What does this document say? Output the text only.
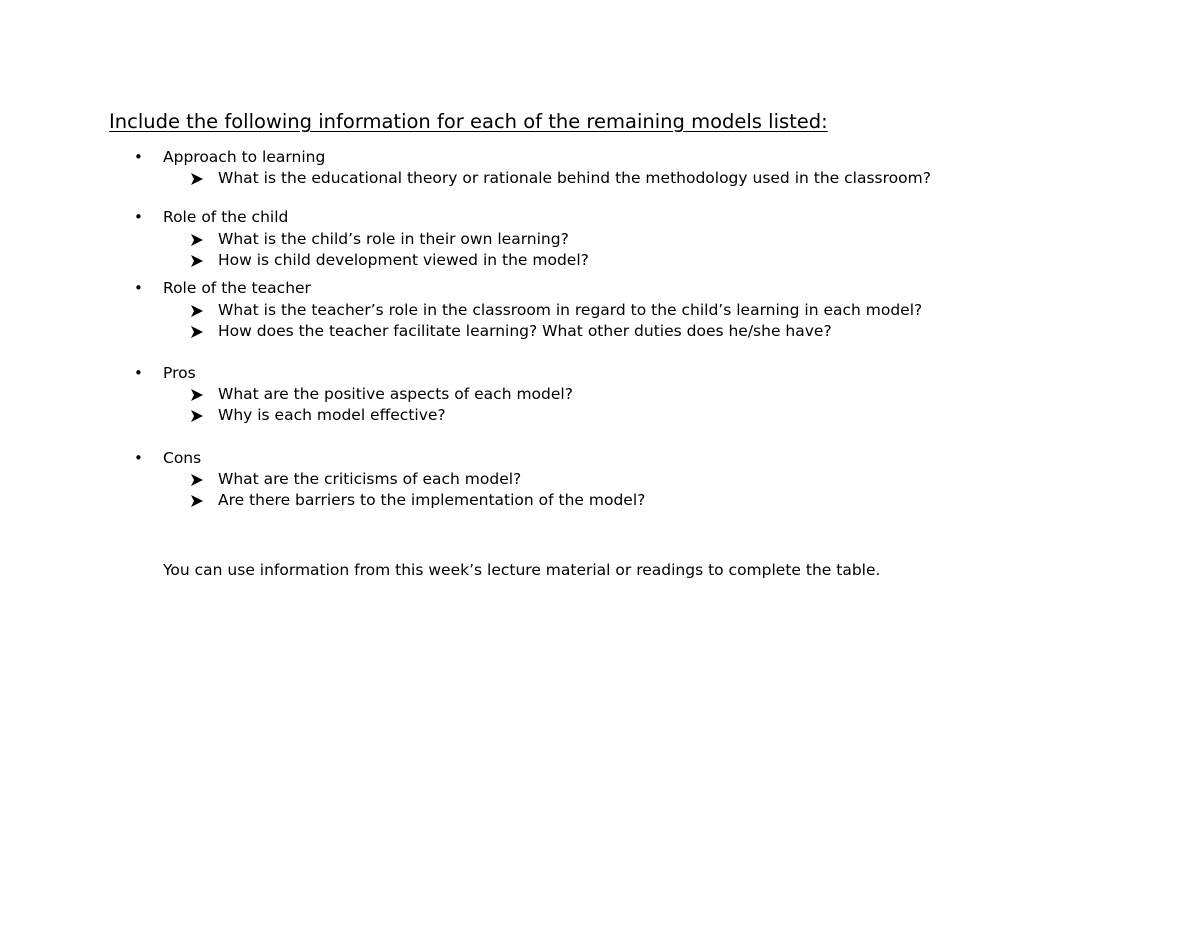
Include the following information for each of the remaining models listed:
• Approach to learning
What is the educational theory or rationale behind the methodology used in the classroom?
• Role of the child
What is the child’s role in their own learning?
How is child development viewed in the model?
• Role of the teacher
What is the teacher’s role in the classroom in regard to the child’s learning in each model?
How does the teacher facilitate learning? What other duties does he/she have?
• Pros
What are the positive aspects of each model?
Why is each model effective?
• Cons
What are the criticisms of each model?
Are there barriers to the implementation of the model?

You can use information from this week’s lecture material or readings to complete the table.
